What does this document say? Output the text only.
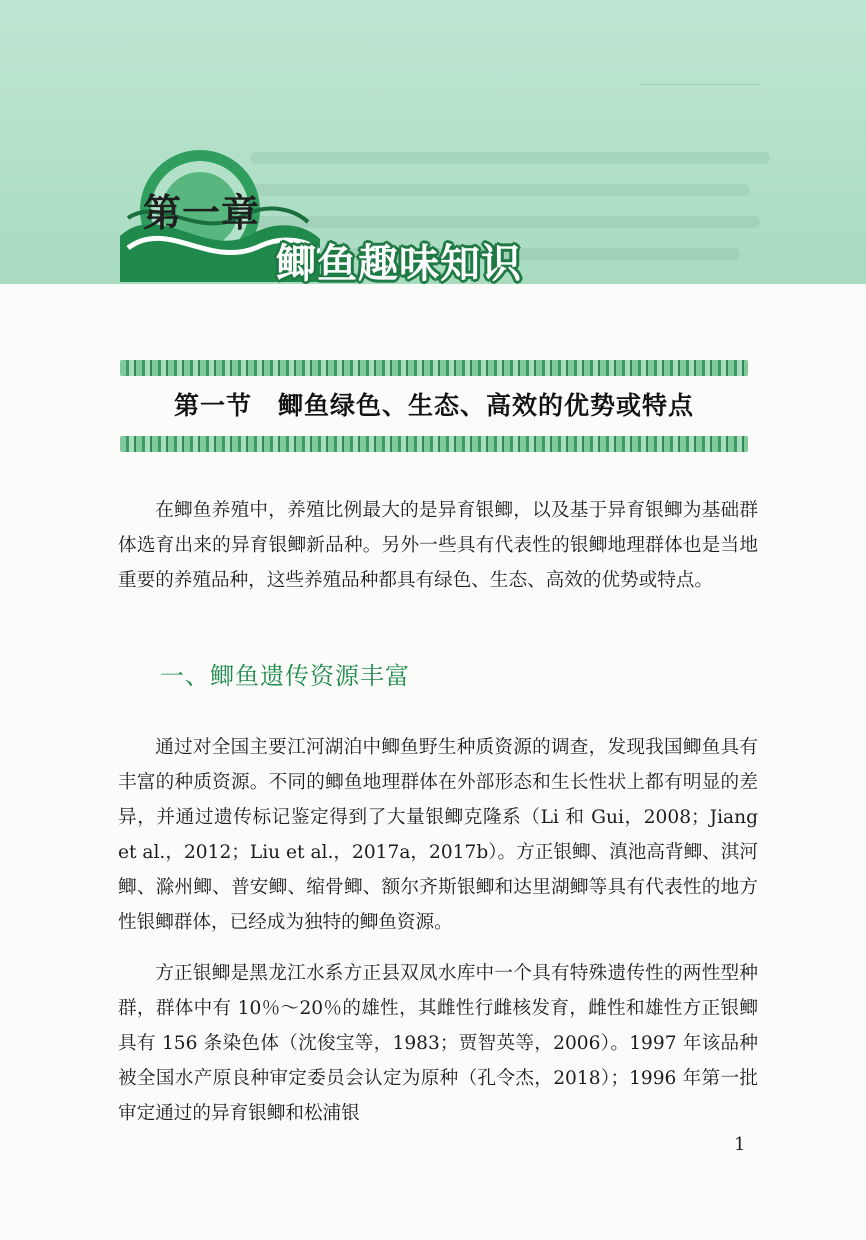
第一章
鲫鱼趣味知识
第一节　鲫鱼绿色、生态、高效的优势或特点

在鲫鱼养殖中，养殖比例最大的是异育银鲫，以及基于异育银鲫为基础群体选育出来的异育银鲫新品种。另外一些具有代表性的银鲫地理群体也是当地重要的养殖品种，这些养殖品种都具有绿色、生态、高效的优势或特点。

一、鲫鱼遗传资源丰富

通过对全国主要江河湖泊中鲫鱼野生种质资源的调查，发现我国鲫鱼具有丰富的种质资源。不同的鲫鱼地理群体在外部形态和生长性状上都有明显的差异，并通过遗传标记鉴定得到了大量银鲫克隆系（Li 和 Gui，2008；Jiang et al.，2012；Liu et al.，2017a，2017b）。方正银鲫、滇池高背鲫、淇河鲫、滁州鲫、普安鲫、缩骨鲫、额尔齐斯银鲫和达里湖鲫等具有代表性的地方性银鲫群体，已经成为独特的鲫鱼资源。

方正银鲫是黑龙江水系方正县双凤水库中一个具有特殊遗传性的两性型种群，群体中有 10％～20％的雄性，其雌性行雌核发育，雌性和雄性方正银鲫具有 156 条染色体（沈俊宝等，1983；贾智英等，2006）。1997 年该品种被全国水产原良种审定委员会认定为原种（孔令杰，2018）；1996 年第一批审定通过的异育银鲫和松浦银

1
